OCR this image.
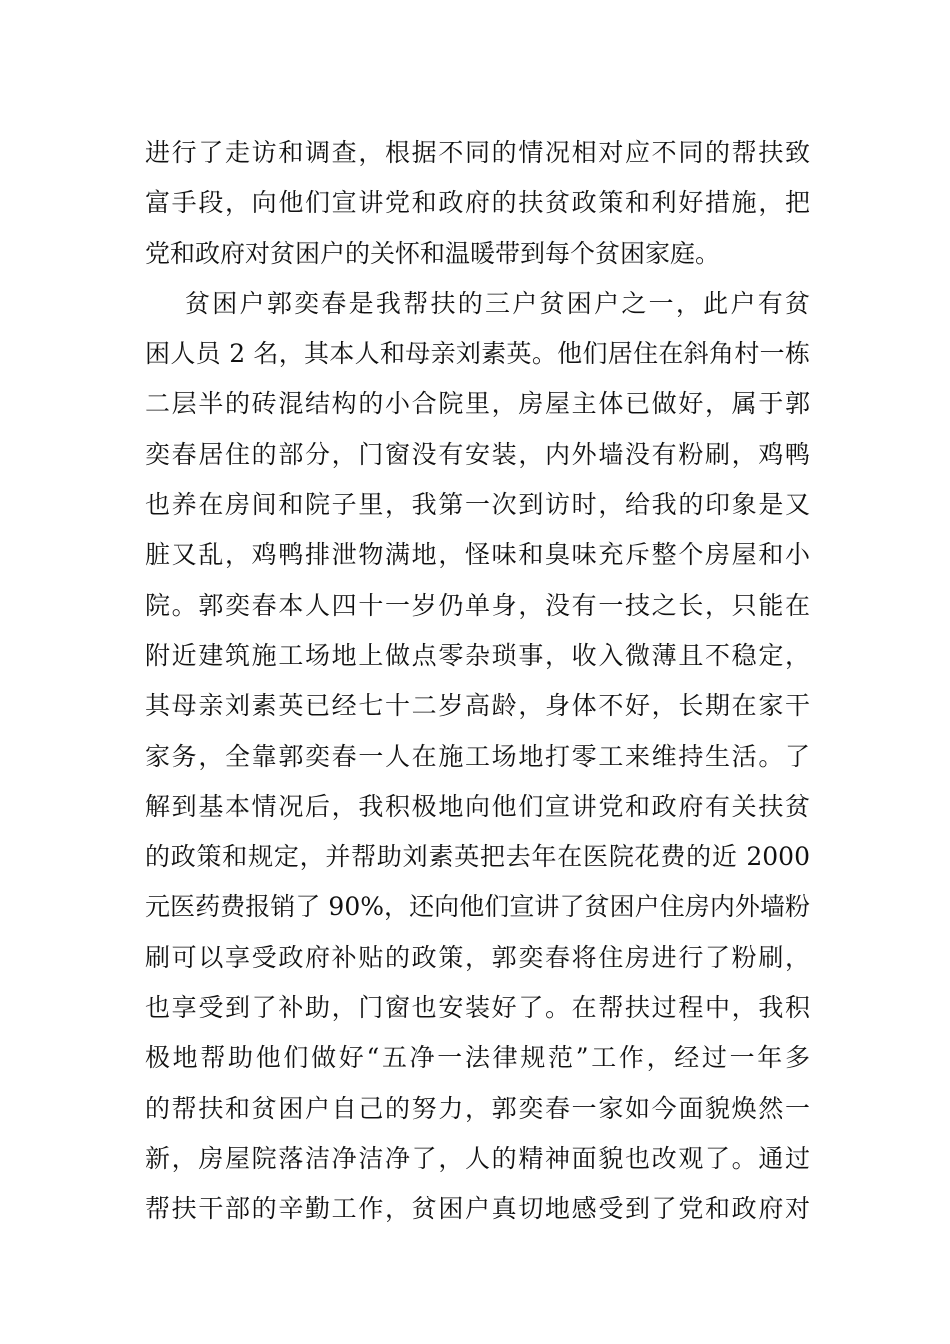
进行了走访和调查，根据不同的情况相对应不同的帮扶致
富手段，向他们宣讲党和政府的扶贫政策和利好措施，把
党和政府对贫困户的关怀和温暖带到每个贫困家庭。
贫困户郭奕春是我帮扶的三户贫困户之一，此户有贫
困人员 2 名，其本人和母亲刘素英。他们居住在斜角村一栋
二层半的砖混结构的小合院里，房屋主体已做好，属于郭
奕春居住的部分，门窗没有安装，内外墙没有粉刷，鸡鸭
也养在房间和院子里，我第一次到访时，给我的印象是又
脏又乱，鸡鸭排泄物满地，怪味和臭味充斥整个房屋和小
院。郭奕春本人四十一岁仍单身，没有一技之长，只能在
附近建筑施工场地上做点零杂琐事，收入微薄且不稳定，
其母亲刘素英已经七十二岁高龄，身体不好，长期在家干
家务，全靠郭奕春一人在施工场地打零工来维持生活。了
解到基本情况后，我积极地向他们宣讲党和政府有关扶贫
的政策和规定，并帮助刘素英把去年在医院花费的近 2000
元医药费报销了 90%，还向他们宣讲了贫困户住房内外墙粉
刷可以享受政府补贴的政策，郭奕春将住房进行了粉刷，
也享受到了补助，门窗也安装好了。在帮扶过程中，我积
极地帮助他们做好“五净一法律规范”工作，经过一年多
的帮扶和贫困户自己的努力，郭奕春一家如今面貌焕然一
新，房屋院落洁净洁净了，人的精神面貌也改观了。通过
帮扶干部的辛勤工作，贫困户真切地感受到了党和政府对
